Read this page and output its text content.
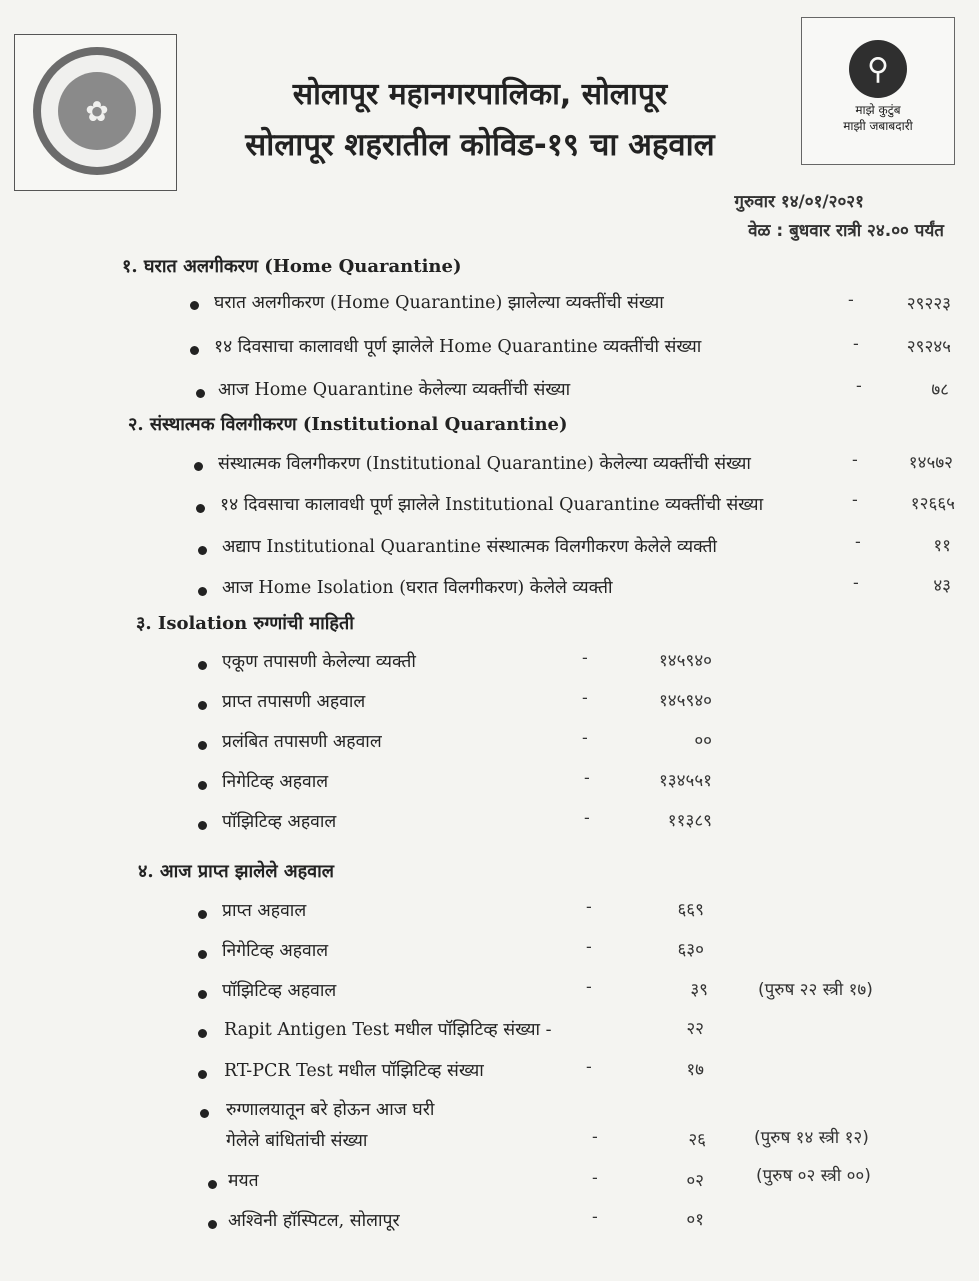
✿
⚲
माझे कुटुंब
माझी जबाबदारी
सोलापूर महानगरपालिका, सोलापूर
सोलापूर शहरातील कोविड-१९ चा अहवाल
गुरुवार १४/०१/२०२१
वेळ : बुधवार रात्री २४.०० पर्यंत
१. घरात अलगीकरण (Home Quarantine)
घरात अलगीकरण (Home Quarantine) झालेल्या व्यक्तींची संख्या	-	२९२२३
१४ दिवसाचा कालावधी पूर्ण झालेले Home Quarantine व्यक्तींची संख्या	-	२९२४५
आज Home Quarantine केलेल्या व्यक्तींची संख्या	-	७८
२. संस्थात्मक विलगीकरण (Institutional Quarantine)
संस्थात्मक विलगीकरण (Institutional Quarantine) केलेल्या व्यक्तींची संख्या	-	१४५७२
१४ दिवसाचा कालावधी पूर्ण झालेले Institutional Quarantine व्यक्तींची संख्या	-	१२६६५
अद्याप Institutional Quarantine संस्थात्मक विलगीकरण केलेले व्यक्ती	-	११
आज Home Isolation (घरात विलगीकरण) केलेले व्यक्ती	-	४३
३. Isolation रुग्णांची माहिती
एकूण तपासणी केलेल्या व्यक्ती	-	१४५९४०
प्राप्त तपासणी अहवाल	-	१४५९४०
प्रलंबित तपासणी अहवाल	-	००
निगेटिव्ह अहवाल	-	१३४५५१
पॉझिटिव्ह अहवाल	-	११३८९
४. आज प्राप्त झालेले अहवाल
प्राप्त अहवाल	-	६६९
निगेटिव्ह अहवाल	-	६३०
पॉझिटिव्ह अहवाल	-	३९	(पुरुष २२ स्त्री १७)
Rapit Antigen Test मधील पॉझिटिव्ह संख्या -	२२
RT-PCR Test मधील पॉझिटिव्ह संख्या	-	१७
रुग्णालयातून बरे होऊन आज घरी
गेलेले बांधितांची संख्या	-	२६	(पुरुष १४ स्त्री १२)
मयत	-	०२	(पुरुष ०२ स्त्री ००)
अश्विनी हॉस्पिटल, सोलापूर	-	०१
